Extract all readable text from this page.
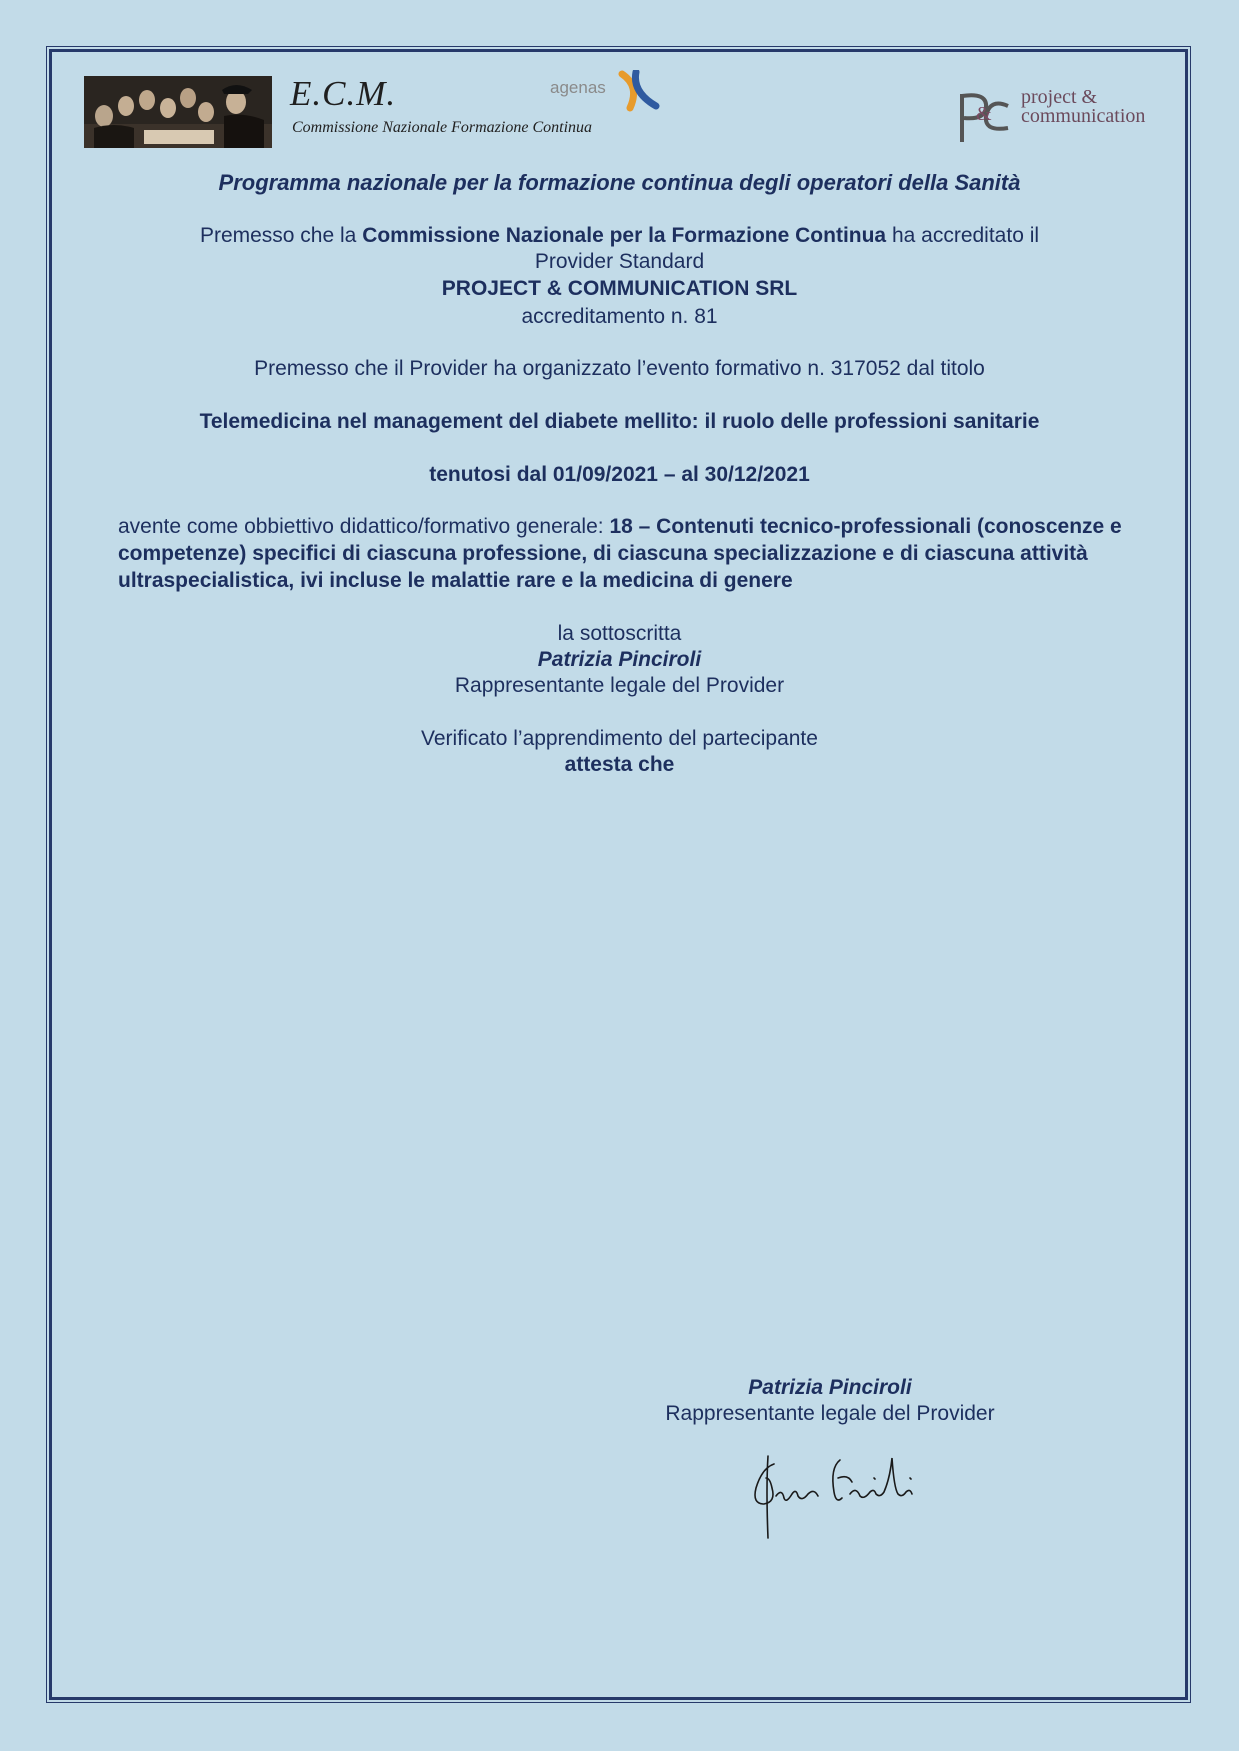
E.C.M.
Commissione Nazionale Formazione Continua
agenas
&
project &
communication
Programma nazionale per la formazione continua degli operatori della Sanità
Premesso che la Commissione Nazionale per la Formazione Continua ha accreditato il
Provider Standard
PROJECT & COMMUNICATION SRL
accreditamento n. 81
Premesso che il Provider ha organizzato l’evento formativo n. 317052 dal titolo
Telemedicina nel management del diabete mellito: il ruolo delle professioni sanitarie
tenutosi dal 01/09/2021 – al 30/12/2021
avente come obbiettivo didattico/formativo generale: 18 – Contenuti tecnico-professionali (conoscenze e competenze) specifici di ciascuna professione, di ciascuna specializzazione e di ciascuna attività ultraspecialistica, ivi incluse le malattie rare e la medicina di genere
la sottoscritta
Patrizia Pinciroli
Rappresentante legale del Provider
Verificato l’apprendimento del partecipante
attesta che
Patrizia Pinciroli
Rappresentante legale del Provider
